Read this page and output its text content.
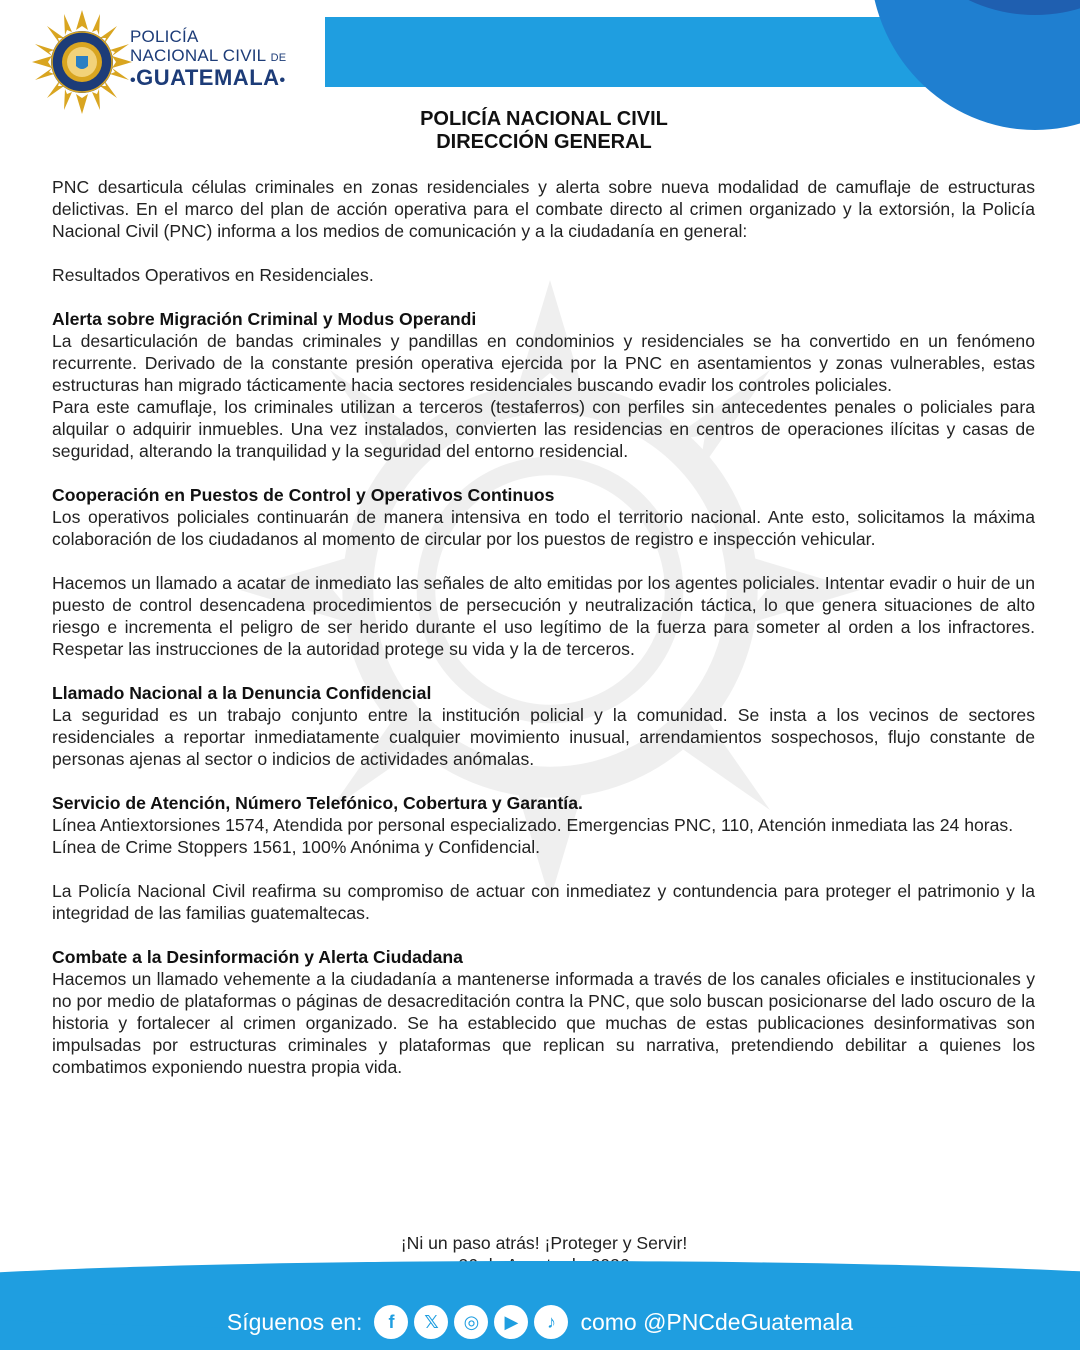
POLICÍA
NACIONAL CIVIL DE
•GUATEMALA•
POLICÍA NACIONAL CIVIL
DIRECCIÓN GENERAL

PNC desarticula células criminales en zonas residenciales y alerta sobre nueva modalidad de camuflaje de estructuras delictivas. En el marco del plan de acción operativa para el combate directo al crimen organizado y la extorsión, la Policía Nacional Civil (PNC) informa a los medios de comunicación y a la ciudadanía en general:

Resultados Operativos en Residenciales.

Alerta sobre Migración Criminal y Modus Operandi

La desarticulación de bandas criminales y pandillas en condominios y residenciales se ha convertido en un fenómeno recurrente. Derivado de la constante presión operativa ejercida por la PNC en asentamientos y zonas vulnerables, estas estructuras han migrado tácticamente hacia sectores residenciales buscando evadir los controles policiales.

Para este camuflaje, los criminales utilizan a terceros (testaferros) con perfiles sin antecedentes penales o policiales para alquilar o adquirir inmuebles. Una vez instalados, convierten las residencias en centros de operaciones ilícitas y casas de seguridad, alterando la tranquilidad y la seguridad del entorno residencial.

Cooperación en Puestos de Control y Operativos Continuos

Los operativos policiales continuarán de manera intensiva en todo el territorio nacional. Ante esto, solicitamos la máxima colaboración de los ciudadanos al momento de circular por los puestos de registro e inspección vehicular.

Hacemos un llamado a acatar de inmediato las señales de alto emitidas por los agentes policiales. Intentar evadir o huir de un puesto de control desencadena procedimientos de persecución y neutralización táctica, lo que genera situaciones de alto riesgo e incrementa el peligro de ser herido durante el uso legítimo de la fuerza para someter al orden a los infractores. Respetar las instrucciones de la autoridad protege su vida y la de terceros.

Llamado Nacional a la Denuncia Confidencial

La seguridad es un trabajo conjunto entre la institución policial y la comunidad. Se insta a los vecinos de sectores residenciales a reportar inmediatamente cualquier movimiento inusual, arrendamientos sospechosos, flujo constante de personas ajenas al sector o indicios de actividades anómalas.

Servicio de Atención, Número Telefónico, Cobertura y Garantía.

Línea Antiextorsiones 1574, Atendida por personal especializado. Emergencias PNC, 110, Atención inmediata las 24 horas.

Línea de Crime Stoppers 1561, 100% Anónima y Confidencial.

La Policía Nacional Civil reafirma su compromiso de actuar con inmediatez y contundencia para proteger el patrimonio y la integridad de las familias guatemaltecas.

Combate a la Desinformación y Alerta Ciudadana

Hacemos un llamado vehemente a la ciudadanía a mantenerse informada a través de los canales oficiales e institucionales y no por medio de plataformas o páginas de desacreditación contra la PNC, que solo buscan posicionarse del lado oscuro de la historia y fortalecer al crimen organizado. Se ha establecido que muchas de estas publicaciones desinformativas son impulsadas por estructuras criminales y plataformas que replican su narrativa, pretendiendo debilitar a quienes los combatimos exponiendo nuestra propia vida.

¡Ni un paso atrás! ¡Proteger y Servir!
Síguenos en:	f	𝕏	◎	▶	♪	como @PNCdeGuatemala
